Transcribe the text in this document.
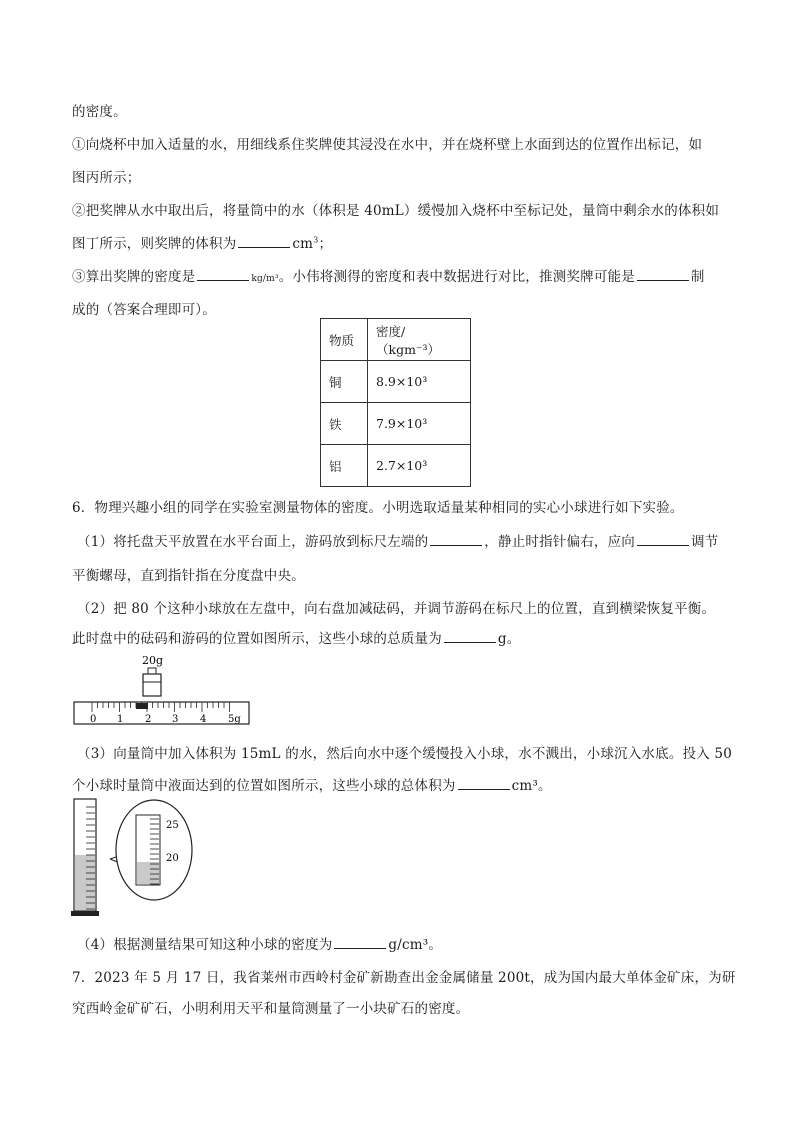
的密度。
①向烧杯中加入适量的水，用细线系住奖牌使其浸没在水中，并在烧杯壁上水面到达的位置作出标记，如
图丙所示；
②把奖牌从水中取出后，将量筒中的水（体积是 40mL）缓慢加入烧杯中至标记处，量筒中剩余水的体积如
图丁所示，则奖牌的体积为	$cm^3$；
③算出奖牌的密度是	kg/m³。小伟将测得的密度和表中数据进行对比，推测奖牌可能是	制
成的（答案合理即可）。
物质	密度/（kgm⁻³）
铜	8.9×10³
铁	7.9×10³
铝	2.7×10³
6．物理兴趣小组的同学在实验室测量物体的密度。小明选取适量某种相同的实心小球进行如下实验。
（1）将托盘天平放置在水平台面上，游码放到标尺左端的	，静止时指针偏右，应向	调节
平衡螺母，直到指针指在分度盘中央。
（2）把 80 个这种小球放在左盘中，向右盘加减砝码，并调节游码在标尺上的位置，直到横梁恢复平衡。
此时盘中的砝码和游码的位置如图所示，这些小球的总质量为	g。
20g
0 1 2 3 4 5g
（3）向量筒中加入体积为 15mL 的水，然后向水中逐个缓慢投入小球，水不溅出，小球沉入水底。投入 50
个小球时量筒中液面达到的位置如图所示，这些小球的总体积为	cm³。
25
20
（4）根据测量结果可知这种小球的密度为	g/cm³。
7．2023 年 5 月 17 日，我省莱州市西岭村金矿新勘查出金金属储量 200t，成为国内最大单体金矿床，为研
究西岭金矿矿石，小明利用天平和量筒测量了一小块矿石的密度。
